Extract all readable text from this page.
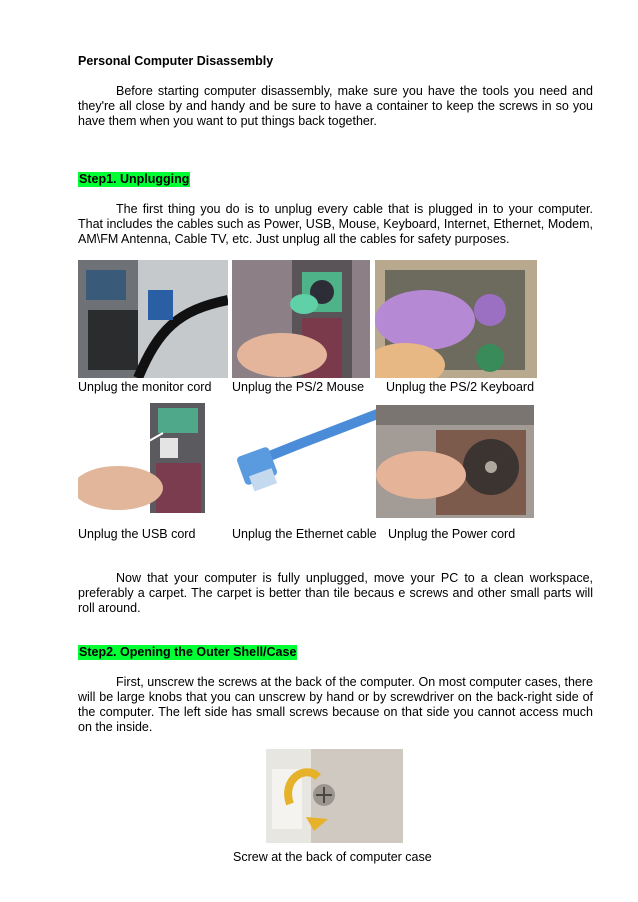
Personal Computer Disassembly
Before starting computer disassembly, make sure you have the tools you need and they're all close by and handy and be sure to have a container to keep the screws in so you have them when you want to put things back together.
Step1. Unplugging
The first thing you do is to unplug every cable that is plugged in to your computer. That includes the cables such as Power, USB, Mouse, Keyboard, Internet, Ethernet, Modem, AM\FM Antenna, Cable TV, etc. Just unplug all the cables for safety purposes.
Unplug the monitor cord Unplug the PS/2 Mouse Unplug the PS/2 Keyboard
Unplug the USB cord	Unplug the Ethernet cable Unplug the Power cord
Now that your computer is fully unplugged, move your PC to a clean workspace, preferably a carpet. The carpet is better than tile becaus e screws and other small parts will roll around.
Step2. Opening the Outer Shell/Case
First, unscrew the screws at the back of the computer. On most computer cases, there will be large knobs that you can unscrew by hand or by screwdriver on the back-right side of the computer. The left side has small screws because on that side you cannot access much on the inside.
Screw at the back of computer case
